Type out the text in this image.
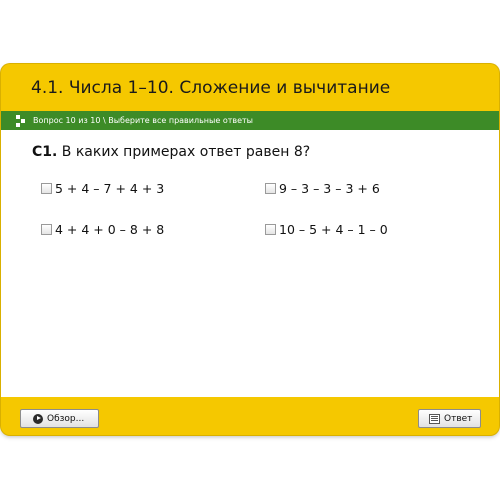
4.1. Числа 1–10. Сложение и вычитание
Вопрос 10 из 10 \ Выберите все правильные ответы
С1. В каких примерах ответ равен 8?
5 + 4 – 7 + 4 + 3	9 – 3 – 3 – 3 + 6
4 + 4 + 0 – 8 + 8	10 – 5 + 4 – 1 – 0
Обзор...	Ответ
